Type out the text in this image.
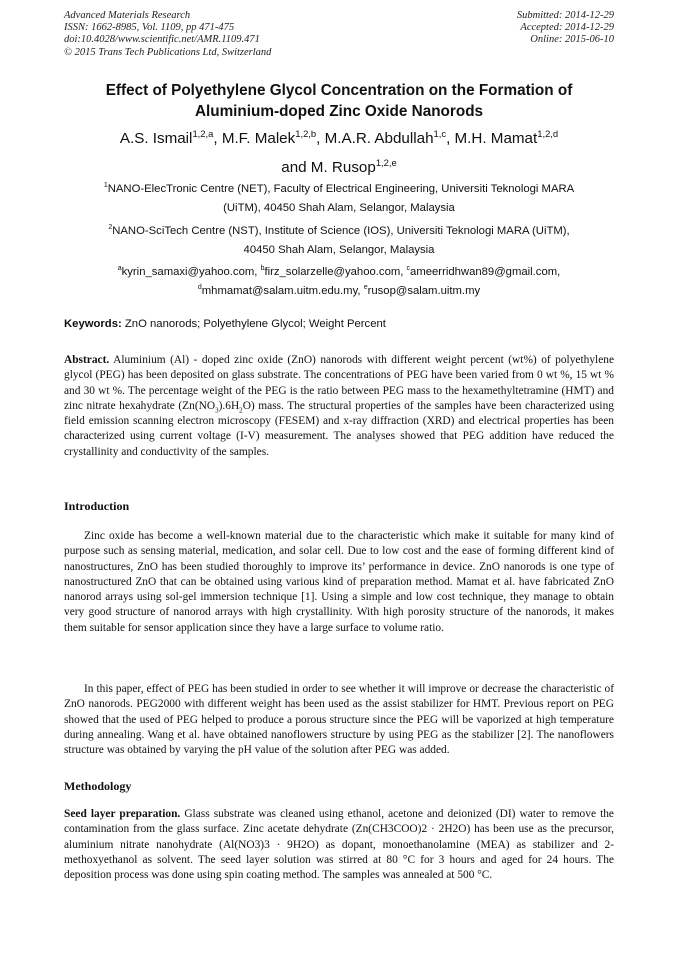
Advanced Materials Research
ISSN: 1662-8985, Vol. 1109, pp 471-475
doi:10.4028/www.scientific.net/AMR.1109.471
© 2015 Trans Tech Publications Ltd, Switzerland
Submitted: 2014-12-29
Accepted: 2014-12-29
Online: 2015-06-10
Effect of Polyethylene Glycol Concentration on the Formation of
Aluminium-doped Zinc Oxide Nanorods
A.S. Ismail$^{1,2,a}$, M.F. Malek$^{1,2,b}$, M.A.R. Abdullah$^{1,c}$, M.H. Mamat$^{1,2,d}$
and M. Rusop$^{1,2,e}$
$^1$NANO-ElecTronic Centre (NET), Faculty of Electrical Engineering, Universiti Teknologi MARA
(UiTM), 40450 Shah Alam, Selangor, Malaysia
$^2$NANO-SciTech Centre (NST), Institute of Science (IOS), Universiti Teknologi MARA (UiTM),
40450 Shah Alam, Selangor, Malaysia
$^a$kyrin_samaxi@yahoo.com, $^b$firz_solarzelle@yahoo.com, $^c$ameerridhwan89@gmail.com,
$^d$mhmamat@salam.uitm.edu.my, $^e$rusop@salam.uitm.my
Keywords: ZnO nanorods; Polyethylene Glycol; Weight Percent
Abstract. Aluminium (Al) - doped zinc oxide (ZnO) nanorods with different weight percent (wt%) of polyethylene glycol (PEG) has been deposited on glass substrate. The concentrations of PEG have been varied from 0 wt %, 15 wt % and 30 wt %. The percentage weight of the PEG is the ratio between PEG mass to the hexamethyltetramine (HMT) and zinc nitrate hexahydrate $(Zn(NO_3).6H_2O)$ mass. The structural properties of the samples have been characterized using field emission scanning electron microscopy (FESEM) and x-ray diffraction (XRD) and electrical properties has been characterized using current voltage (I-V) measurement. The analyses showed that PEG addition have reduced the crystallinity and conductivity of the samples.
Introduction
Zinc oxide has become a well-known material due to the characteristic which make it suitable for many kind of purpose such as sensing material, medication, and solar cell. Due to low cost and the ease of forming different kind of nanostructures, ZnO has been studied thoroughly to improve its’ performance in device. ZnO nanorods is one type of nanostructured ZnO that can be obtained using various kind of preparation method. Mamat et al. have fabricated ZnO nanorod arrays using sol-gel immersion technique [1]. Using a simple and low cost technique, they manage to obtain very good structure of nanorod arrays with high crystallinity. With high porosity structure of the nanorods, it makes them suitable for sensor application since they have a large surface to volume ratio.
In this paper, effect of PEG has been studied in order to see whether it will improve or decrease the characteristic of ZnO nanorods. PEG2000 with different weight has been used as the assist stabilizer for HMT. Previous report on PEG showed that the used of PEG helped to produce a porous structure since the PEG will be vaporized at high temperature during annealing. Wang et al. have obtained nanoflowers structure by using PEG as the stabilizer [2]. The nanoflowers structure was obtained by varying the pH value of the solution after PEG was added.
Methodology
Seed layer preparation. Glass substrate was cleaned using ethanol, acetone and deionized (DI) water to remove the contamination from the glass surface. Zinc acetate dehydrate (Zn(CH3COO)2 · 2H2O) has been use as the precursor, aluminium nitrate nanohydrate (Al(NO3)3 · 9H2O) as dopant, monoethanolamine (MEA) as stabilizer and 2-methoxyethanol as solvent. The seed layer solution was stirred at 80 °C for 3 hours and aged for 24 hours. The deposition process was done using spin coating method. The samples was annealed at 500 °C.
